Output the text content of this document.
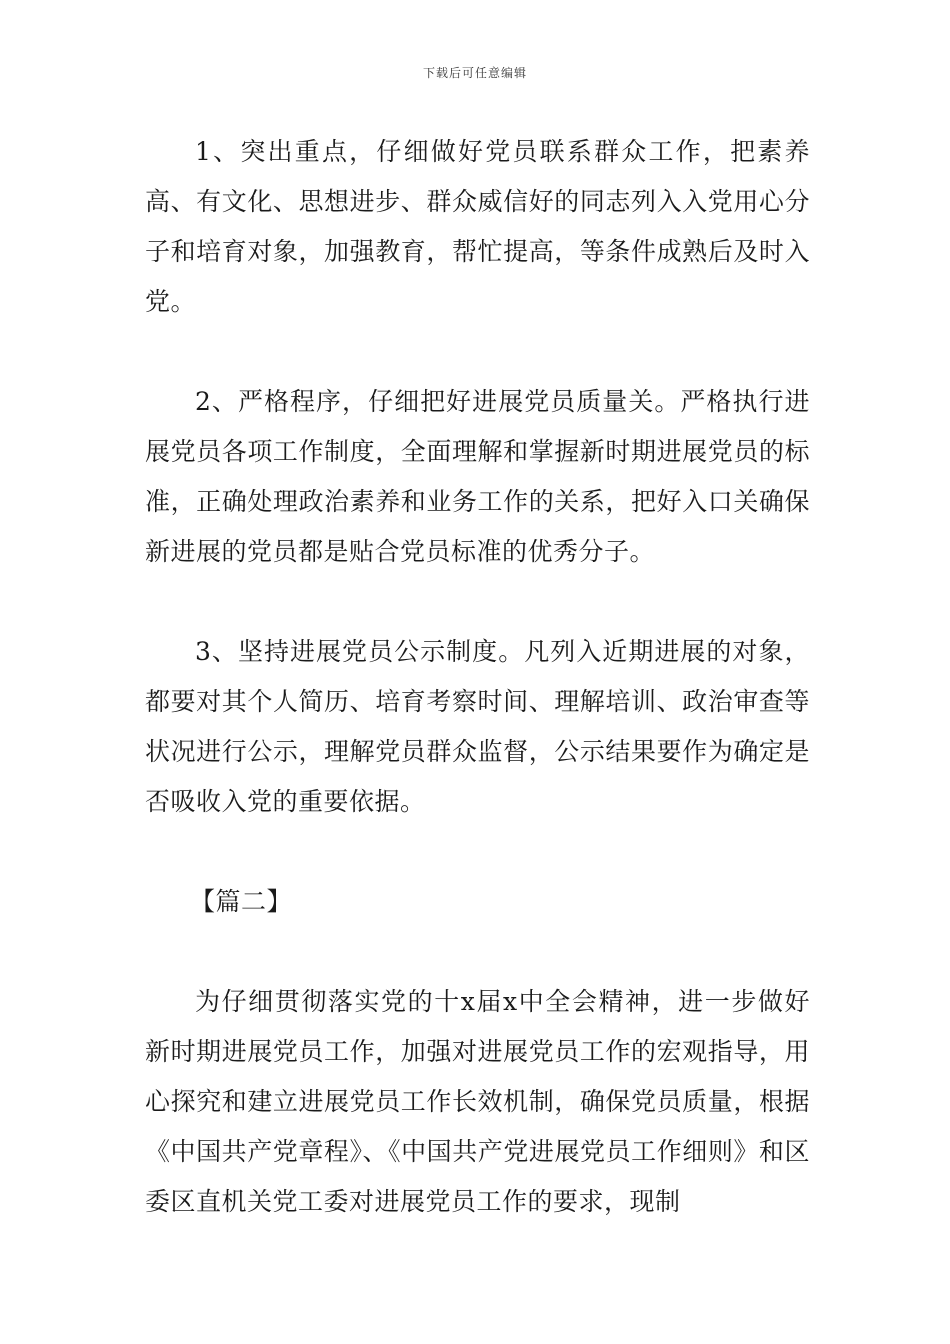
下载后可任意编辑

1、突出重点，仔细做好党员联系群众工作，把素养高、有文化、思想进步、群众威信好的同志列入入党用心分子和培育对象，加强教育，帮忙提高，等条件成熟后及时入党。

2、严格程序，仔细把好进展党员质量关。严格执行进展党员各项工作制度，全面理解和掌握新时期进展党员的标准，正确处理政治素养和业务工作的关系，把好入口关确保新进展的党员都是贴合党员标准的优秀分子。

3、坚持进展党员公示制度。凡列入近期进展的对象，都要对其个人简历、培育考察时间、理解培训、政治审查等状况进行公示，理解党员群众监督，公示结果要作为确定是否吸收入党的重要依据。

【篇二】

为仔细贯彻落实党的十x届x中全会精神，进一步做好新时期进展党员工作，加强对进展党员工作的宏观指导，用心探究和建立进展党员工作长效机制，确保党员质量，根据《中国共产党章程》、《中国共产党进展党员工作细则》和区委区直机关党工委对进展党员工作的要求，现制
